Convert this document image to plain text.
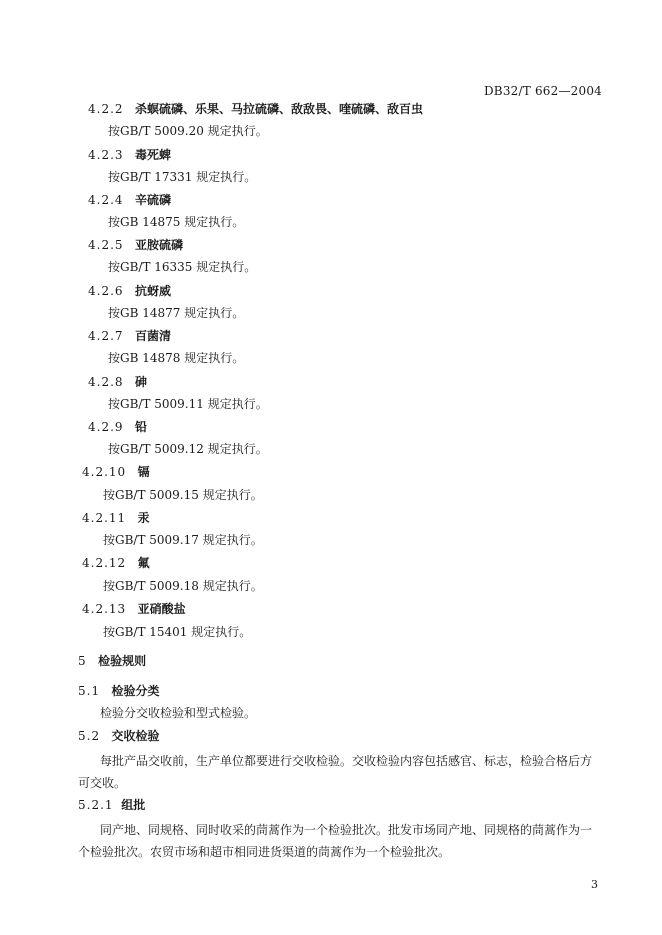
DB32/T 662—2004
4.2.2 杀螟硫磷、乐果、马拉硫磷、敌敌畏、喹硫磷、敌百虫
按GB/T 5009.20 规定执行。
4.2.3 毒死蜱
按GB/T 17331 规定执行。
4.2.4 辛硫磷
按GB 14875 规定执行。
4.2.5 亚胺硫磷
按GB/T 16335 规定执行。
4.2.6 抗蚜威
按GB 14877 规定执行。
4.2.7 百菌清
按GB 14878 规定执行。
4.2.8 砷
按GB/T 5009.11 规定执行。
4.2.9 铅
按GB/T 5009.12 规定执行。
4.2.10 镉
按GB/T 5009.15 规定执行。
4.2.11 汞
按GB/T 5009.17 规定执行。
4.2.12 氟
按GB/T 5009.18 规定执行。
4.2.13 亚硝酸盐
按GB/T 15401 规定执行。
5 检验规则
5.1 检验分类
检验分交收检验和型式检验。
5.2 交收检验
每批产品交收前，生产单位都要进行交收检验。交收检验内容包括感官、标志，检验合格后方可交收。
5.2.1 组批
同产地、同规格、同时收采的茼蒿作为一个检验批次。批发市场同产地、同规格的茼蒿作为一个检验批次。农贸市场和超市相同进货渠道的茼蒿作为一个检验批次。
3
